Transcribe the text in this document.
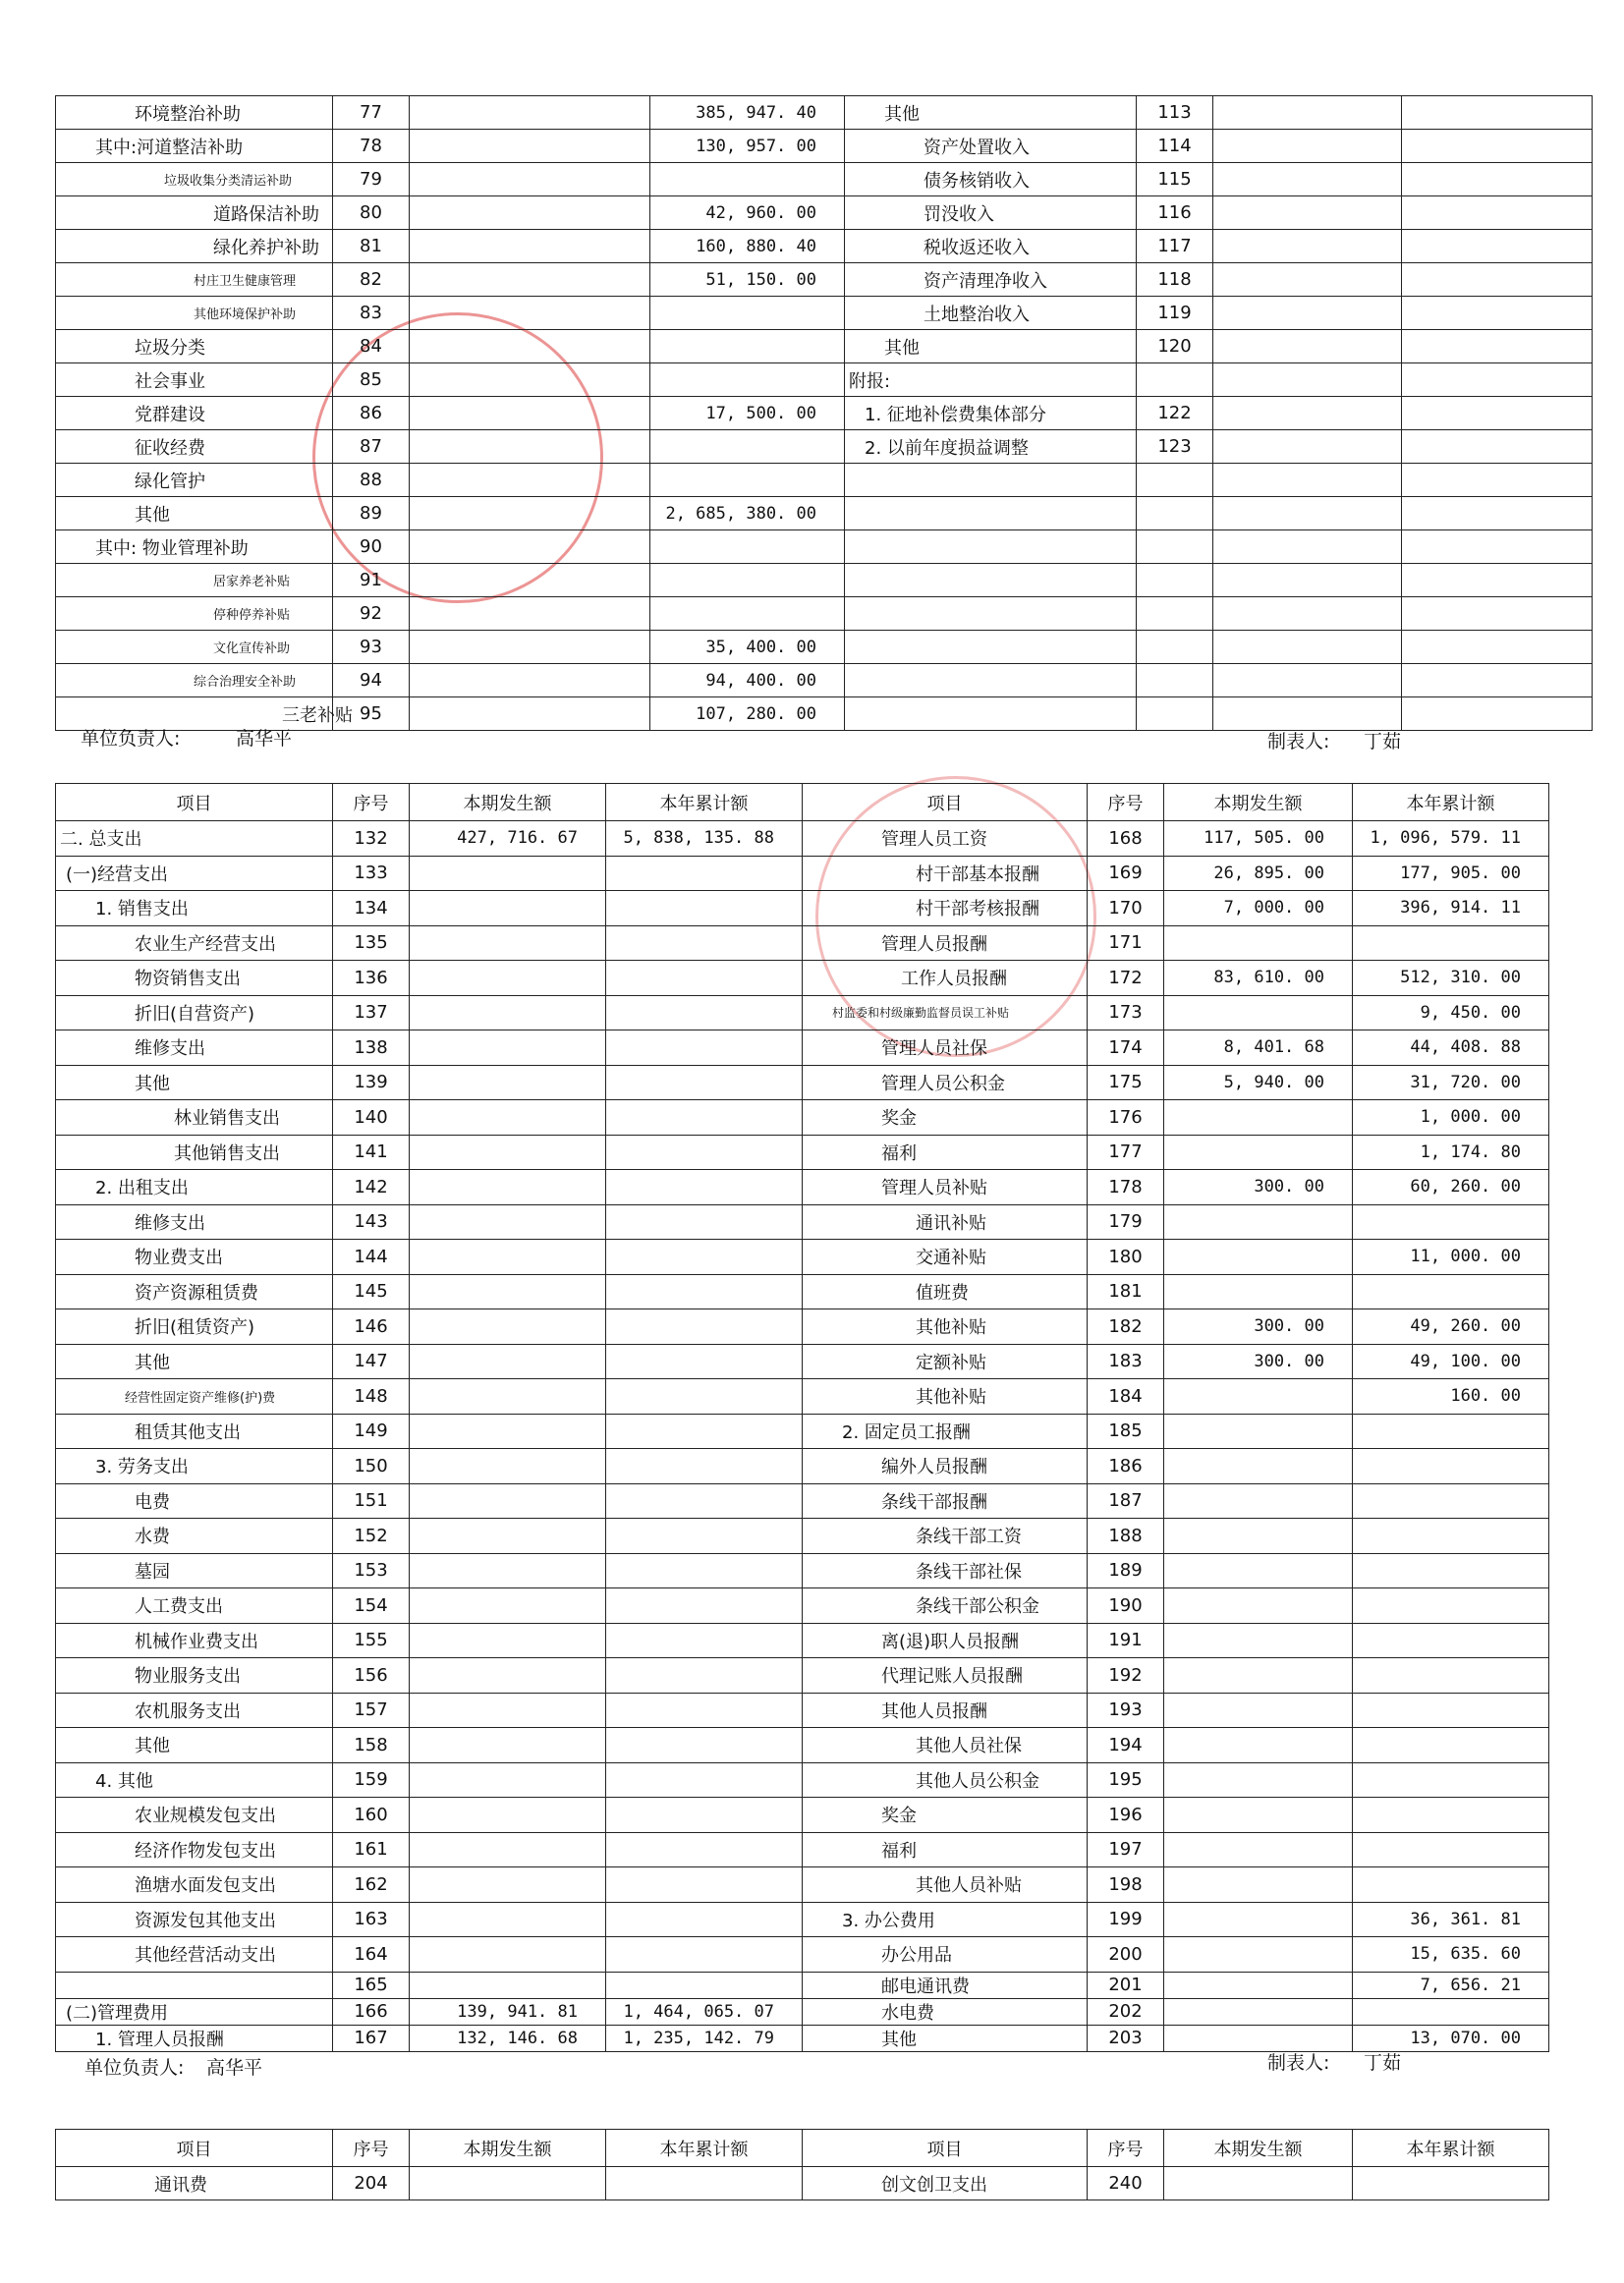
环境整治补助	77		385, 947. 40	其他	113		
其中:河道整洁补助	78		130, 957. 00	资产处置收入	114		
垃圾收集分类清运补助	79			债务核销收入	115		
道路保洁补助	80		42, 960. 00	罚没收入	116		
绿化养护补助	81		160, 880. 40	税收返还收入	117		
村庄卫生健康管理	82		51, 150. 00	资产清理净收入	118		
其他环境保护补助	83			土地整治收入	119		
垃圾分类	84			其他	120		
社会事业	85			附报:			
党群建设	86		17, 500. 00	1. 征地补偿费集体部分	122		
征收经费	87			2. 以前年度损益调整	123		
绿化管护	88						
其他	89		2, 685, 380. 00				
其中: 物业管理补助	90						
居家养老补贴	91						
停种停养补贴	92						
文化宣传补助	93		35, 400. 00				
综合治理安全补助	94		94, 400. 00				
三老补贴	95		107, 280. 00				
单位负责人:	高华平	制表人: 丁茹
项目	序号	本期发生额	本年累计额	项目	序号	本期发生额	本年累计额
二. 总支出	132	427, 716. 67	5, 838, 135. 88	管理人员工资	168	117, 505. 00	1, 096, 579. 11
(一)经营支出	133			村干部基本报酬	169	26, 895. 00	177, 905. 00
1. 销售支出	134			村干部考核报酬	170	7, 000. 00	396, 914. 11
农业生产经营支出	135			管理人员报酬	171		
物资销售支出	136			工作人员报酬	172	83, 610. 00	512, 310. 00
折旧(自营资产)	137			村监委和村级廉勤监督员误工补贴	173		9, 450. 00
维修支出	138			管理人员社保	174	8, 401. 68	44, 408. 88
其他	139			管理人员公积金	175	5, 940. 00	31, 720. 00
林业销售支出	140			奖金	176		1, 000. 00
其他销售支出	141			福利	177		1, 174. 80
2. 出租支出	142			管理人员补贴	178	300. 00	60, 260. 00
维修支出	143			通讯补贴	179		
物业费支出	144			交通补贴	180		11, 000. 00
资产资源租赁费	145			值班费	181		
折旧(租赁资产)	146			其他补贴	182	300. 00	49, 260. 00
其他	147			定额补贴	183	300. 00	49, 100. 00
经营性固定资产维修(护)费	148			其他补贴	184		160. 00
租赁其他支出	149			2. 固定员工报酬	185		
3. 劳务支出	150			编外人员报酬	186		
电费	151			条线干部报酬	187		
水费	152			条线干部工资	188		
墓园	153			条线干部社保	189		
人工费支出	154			条线干部公积金	190		
机械作业费支出	155			离(退)职人员报酬	191		
物业服务支出	156			代理记账人员报酬	192		
农机服务支出	157			其他人员报酬	193		
其他	158			其他人员社保	194		
4. 其他	159			其他人员公积金	195		
农业规模发包支出	160			奖金	196		
经济作物发包支出	161			福利	197		
渔塘水面发包支出	162			其他人员补贴	198		
资源发包其他支出	163			3. 办公费用	199		36, 361. 81
其他经营活动支出	164			办公用品	200		15, 635. 60
	165			邮电通讯费	201		7, 656. 21
(二)管理费用	166	139, 941. 81	1, 464, 065. 07	水电费	202		
1. 管理人员报酬	167	132, 146. 68	1, 235, 142. 79	其他	203		13, 070. 00
单位负责人: 高华平	制表人: 丁茹
项目	序号	本期发生额	本年累计额	项目	序号	本期发生额	本年累计额
通讯费	204			创文创卫支出	240		
